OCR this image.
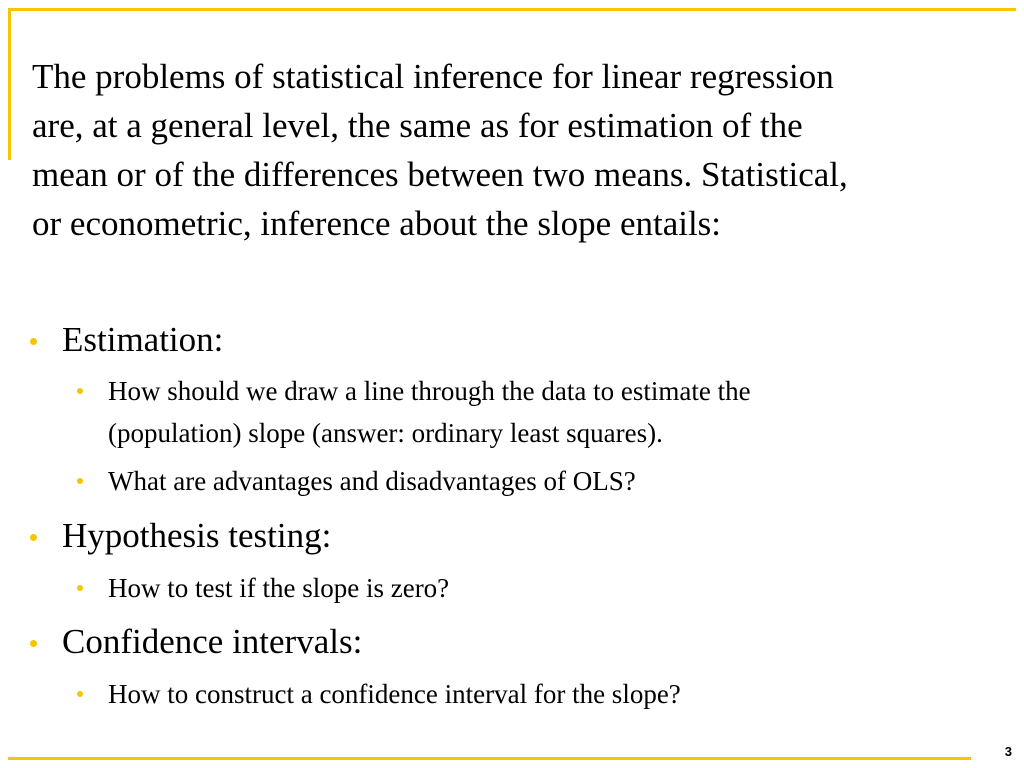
The problems of statistical inference for linear regression
are, at a general level, the same as for estimation of the
mean or of the differences between two means. Statistical,
or econometric, inference about the slope entails:
Estimation:
How should we draw a line through the data to estimate the
(population) slope (answer: ordinary least squares).
What are advantages and disadvantages of OLS?
Hypothesis testing:
How to test if the slope is zero?
Confidence intervals:
How to construct a confidence interval for the slope?
3
